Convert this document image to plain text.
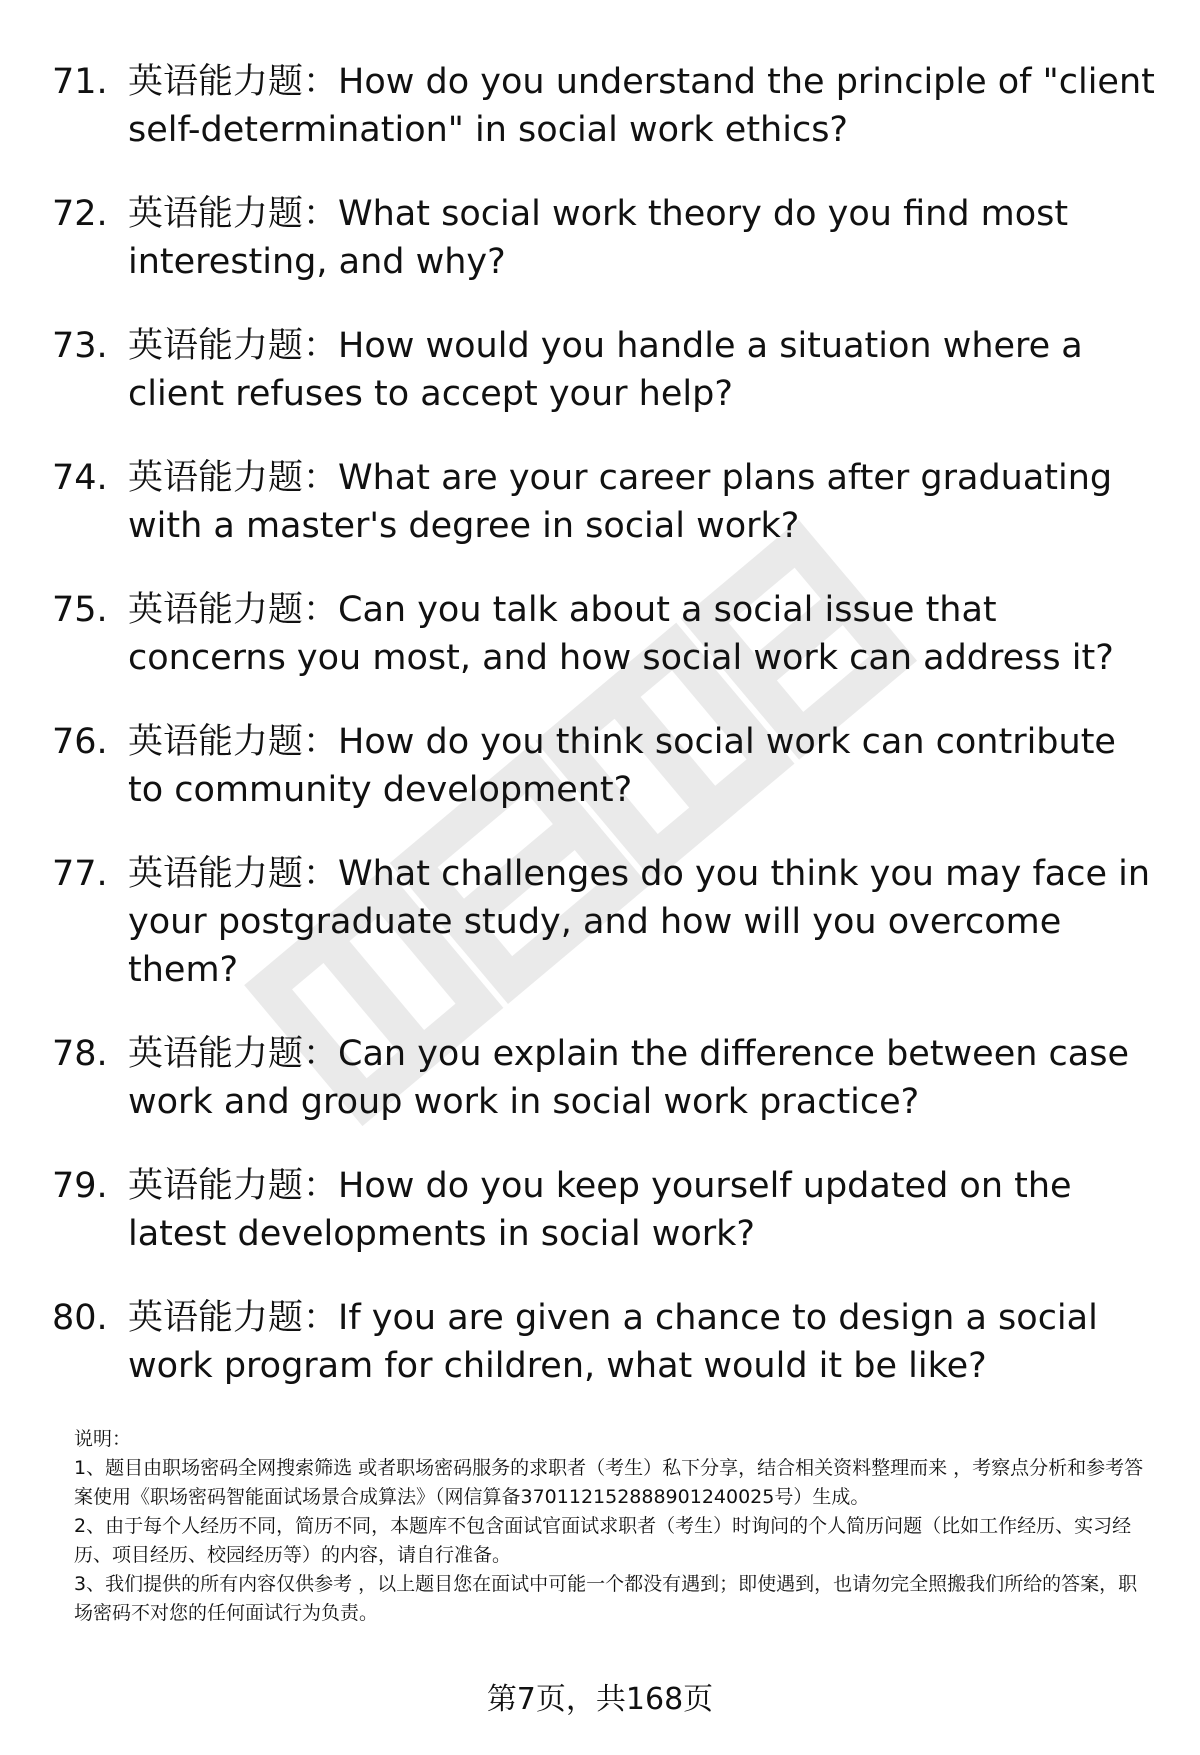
71. 英语能力题：How do you understand the principle of "client self-determination" in social work ethics?
72. 英语能力题：What social work theory do you find most interesting, and why?
73. 英语能力题：How would you handle a situation where a client refuses to accept your help?
74. 英语能力题：What are your career plans after graduating with a master's degree in social work?
75. 英语能力题：Can you talk about a social issue that concerns you most, and how social work can address it?
76. 英语能力题：How do you think social work can contribute to community development?
77. 英语能力题：What challenges do you think you may face in your postgraduate study, and how will you overcome them?
78. 英语能力题：Can you explain the difference between case work and group work in social work practice?
79. 英语能力题：How do you keep yourself updated on the latest developments in social work?
80. 英语能力题：If you are given a chance to design a social work program for children, what would it be like?

说明：

1、题目由职场密码全网搜索筛选 或者职场密码服务的求职者（考生）私下分享，结合相关资料整理而来 ，考察点分析和参考答案使用《职场密码智能面试场景合成算法》（网信算备370112152888901240025号）生成。

2、由于每个人经历不同，简历不同，本题库不包含面试官面试求职者（考生）时询问的个人简历问题（比如工作经历、实习经历、项目经历、校园经历等）的内容，请自行准备。

3、我们提供的所有内容仅供参考 ，以上题目您在面试中可能一个都没有遇到；即使遇到，也请勿完全照搬我们所给的答案，职场密码不对您的任何面试行为负责。

第7页，共168页
